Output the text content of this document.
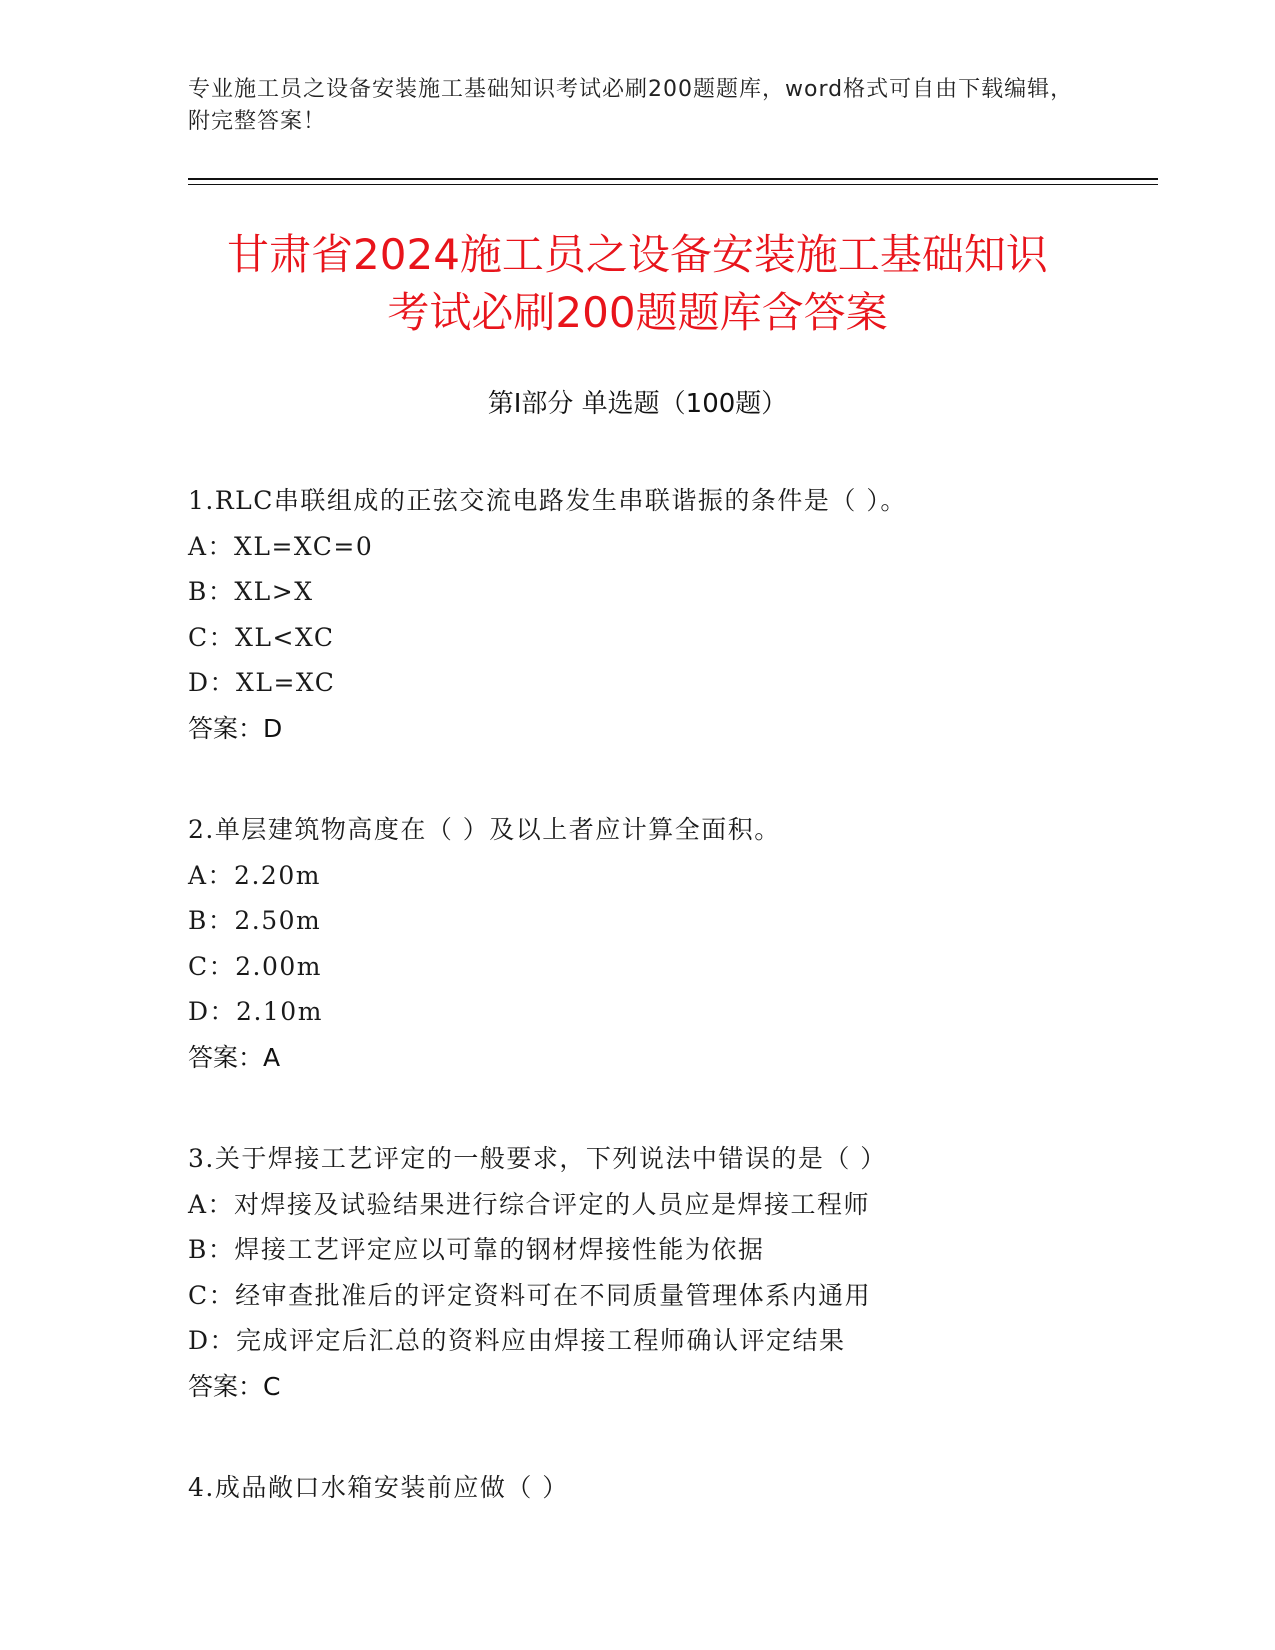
专业施工员之设备安装施工基础知识考试必刷200题题库，word格式可自由下载编辑，附完整答案！
甘肃省2024施工员之设备安装施工基础知识
考试必刷200题题库含答案
第Ⅰ部分 单选题（100题）
1.RLC串联组成的正弦交流电路发生串联谐振的条件是（ ）。
A：XL=XC=0
B：XL>X
C：XL<XC
D：XL=XC
答案：D
2.单层建筑物高度在（ ）及以上者应计算全面积。
A：2.20m
B：2.50m
C：2.00m
D：2.10m
答案：A
3.关于焊接工艺评定的一般要求，下列说法中错误的是（ ）
A：对焊接及试验结果进行综合评定的人员应是焊接工程师
B：焊接工艺评定应以可靠的钢材焊接性能为依据
C：经审查批准后的评定资料可在不同质量管理体系内通用
D：完成评定后汇总的资料应由焊接工程师确认评定结果
答案：C
4.成品敞口水箱安装前应做（ ）
